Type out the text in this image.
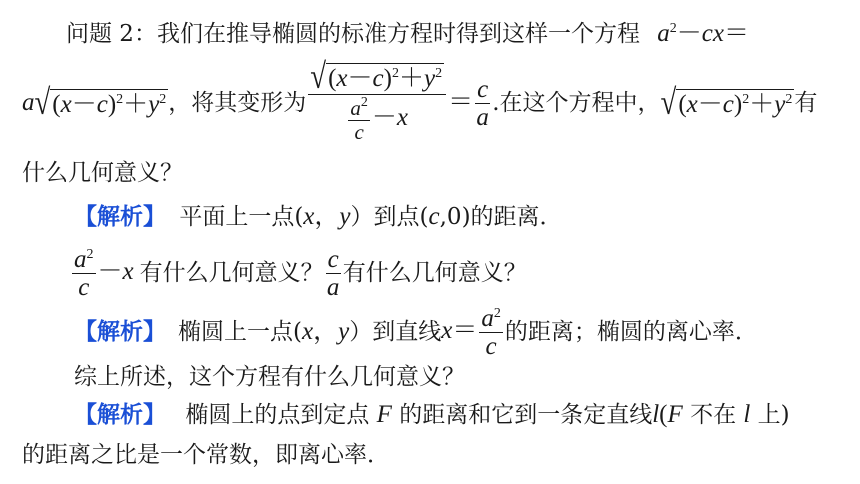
问题 2：我们在推导椭圆的标准方程时得到这样一个方程 $a^2-cx=$
a √ $(x-c)^2+y^2$ ，将其变形为 $\frac{√ (x-c)^2+y^2}{\frac{a^2}{c} -x} = \frac{c}{a}$ .在这个方程中， √ $(x-c)^2+y^2$ 有
什么几何意义？
【解析】 平面上一点(x，y）到点(c,0)的距离．
$\frac{a^2}{c} -x$ 有什么几何意义？ $\frac{c}{a}$ 有什么几何意义？
【解析】 椭圆上一点( x，y ）到直线 $x= \frac{a^2}{c}$ 的距离；椭圆的离心率．
综上所述，这个方程有什么几何意义？
【解析】 椭圆上的点到定点 F 的距离和它到一条定直线l(F 不在 l 上)
的距离之比是一个常数，即离心率．
